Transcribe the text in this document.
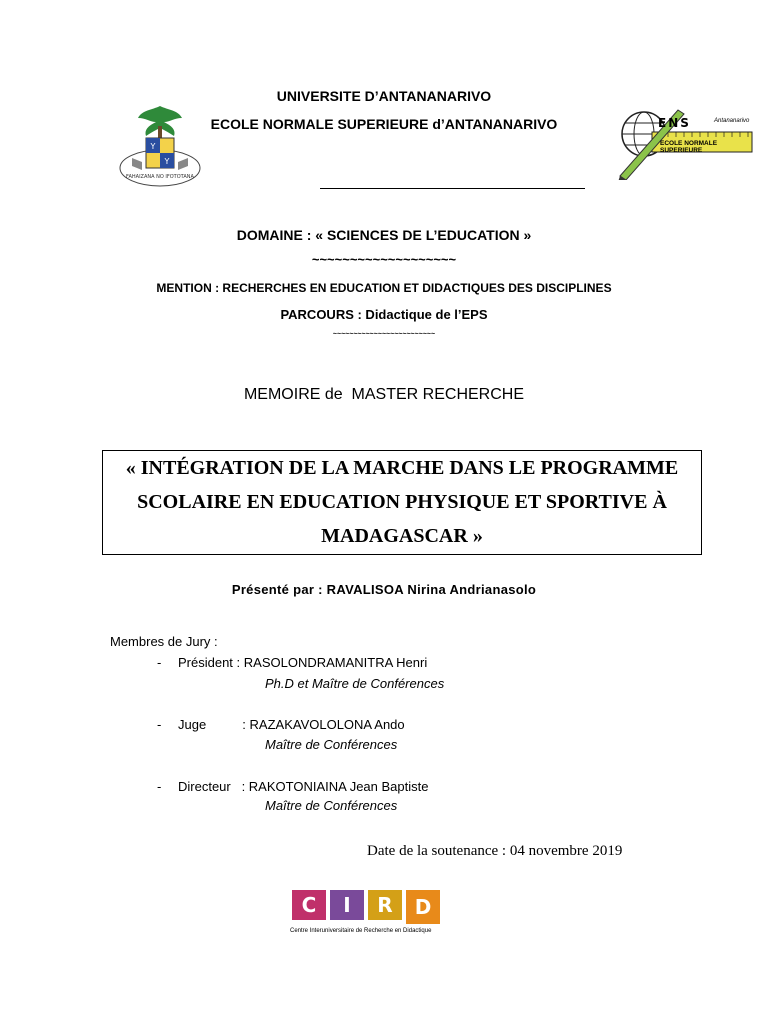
Y
Y
FAHAIZANA NO IFOTOTANA
ENS	Antananarivo
ECOLE NORMALE SUPERIEURE
UNIVERSITE D’ANTANANARIVO
ECOLE NORMALE SUPERIEURE d’ANTANANARIVO
DOMAINE : « SCIENCES DE L’EDUCATION »
~~~~~~~~~~~~~~~~~~~
MENTION : RECHERCHES EN EDUCATION ET DIDACTIQUES DES DISCIPLINES
PARCOURS : Didactique de l’EPS
~~~~~~~~~~~~~~~~~~~~~~~~~
MEMOIRE de  MASTER RECHERCHE
« INTÉGRATION DE LA MARCHE DANS LE PROGRAMME
SCOLAIRE EN EDUCATION PHYSIQUE ET SPORTIVE À
MADAGASCAR »
Présenté par : RAVALISOA Nirina Andrianasolo
Membres de Jury :
- Président : RASOLONDRAMANITRA Henri
Ph.D et Maître de Conférences
- Juge          : RAZAKAVOLOLONA Ando
Maître de Conférences
- Directeur   : RAKOTONIAINA Jean Baptiste
Maître de Conférences
Date de la soutenance : 04 novembre 2019
C	I	R	D
Centre Interuniversitaire de Recherche en Didactique
